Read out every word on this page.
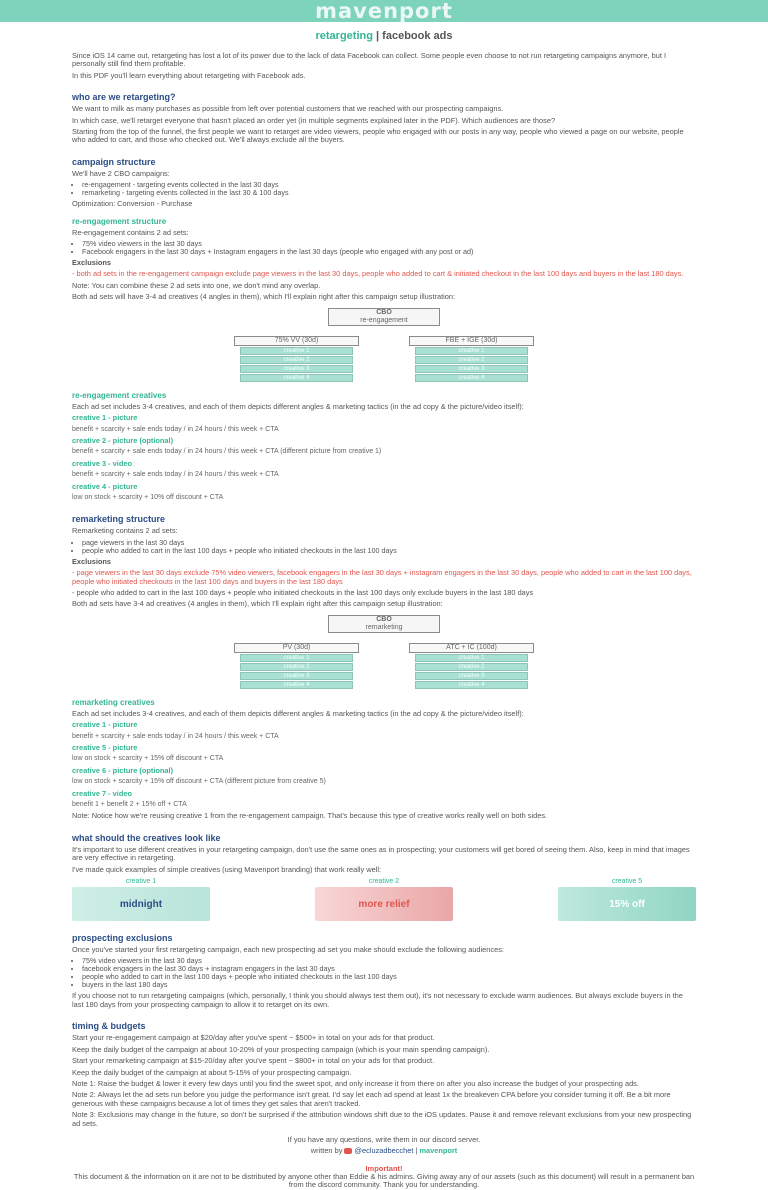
mavenport
retargeting | facebook ads

Since iOS 14 came out, retargeting has lost a lot of its power due to the lack of data Facebook can collect. Some people even choose to not run retargeting campaigns anymore, but I personally still find them profitable.

In this PDF you'll learn everything about retargeting with Facebook ads.

who are we retargeting?

We want to milk as many purchases as possible from left over potential customers that we reached with our prospecting campaigns.

In which case, we'll retarget everyone that hasn't placed an order yet (in multiple segments explained later in the PDF). Which audiences are those?

Starting from the top of the funnel, the first people we want to retarget are video viewers, people who engaged with our posts in any way, people who viewed a page on our website, people who added to cart, and those who checked out. We'll always exclude all the buyers.

campaign structure

We'll have 2 CBO campaigns:

• re-engagement - targeting events collected in the last 30 days
• remarketing - targeting events collected in the last 30 & 100 days

Optimization: Conversion - Purchase

re-engagement structure

Re-engagement contains 2 ad sets:

• 75% video viewers in the last 30 days
• Facebook engagers in the last 30 days + Instagram engagers in the last 30 days (people who engaged with any post or ad)

Exclusions

- both ad sets in the re-engagement campaign exclude page viewers in the last 30 days, people who added to cart & initiated checkout in the last 100 days and buyers in the last 180 days.

Note: You can combine these 2 ad sets into one, we don't mind any overlap.

Both ad sets will have 3-4 ad creatives (4 angles in them), which I'll explain right after this campaign setup illustration:

CBO
re-engagement
75% VV (30d)
creative 1
creative 2
creative 3
creative 4
FBE + IGE (30d)
creative 1
creative 2
creative 3
creative 4
re-engagement creatives

Each ad set includes 3-4 creatives, and each of them depicts different angles & marketing tactics (in the ad copy & the picture/video itself):

creative 1 - picture

benefit + scarcity + sale ends today / in 24 hours / this week + CTA

creative 2 - picture (optional)

benefit + scarcity + sale ends today / in 24 hours / this week + CTA (different picture from creative 1)

creative 3 - video

benefit + scarcity + sale ends today / in 24 hours / this week + CTA

creative 4 - picture

low on stock + scarcity + 10% off discount + CTA

remarketing structure

Remarketing contains 2 ad sets:

• page viewers in the last 30 days
• people who added to cart in the last 100 days + people who initiated checkouts in the last 100 days

Exclusions

- page viewers in the last 30 days exclude 75% video viewers, facebook engagers in the last 30 days + instagram engagers in the last 30 days, people who added to cart in the last 100 days, people who initiated checkouts in the last 100 days and buyers in the last 180 days

- people who added to cart in the last 100 days + people who initiated checkouts in the last 100 days only exclude buyers in the last 180 days

Both ad sets have 3-4 ad creatives (4 angles in them), which I'll explain right after this campaign setup illustration:

CBO
remarketing
PV (30d)
creative 1
creative 2
creative 3
creative 4
ATC + IC (100d)
creative 1
creative 2
creative 3
creative 4
remarketing creatives

Each ad set includes 3-4 creatives, and each of them depicts different angles & marketing tactics (in the ad copy & the picture/video itself):

creative 1 - picture

benefit + scarcity + sale ends today / in 24 hours / this week + CTA

creative 5 - picture

low on stock + scarcity + 15% off discount + CTA

creative 6 - picture (optional)

low on stock + scarcity + 15% off discount + CTA (different picture from creative 5)

creative 7 - video

benefit 1 + benefit 2 + 15% off + CTA

Note: Notice how we're reusing creative 1 from the re-engagement campaign. That's because this type of creative works really well on both sides.

what should the creatives look like

It's important to use different creatives in your retargeting campaign, don't use the same ones as in prospecting; your customers will get bored of seeing them. Also, keep in mind that images are very effective in retargeting.

I've made quick examples of simple creatives (using Mavenport branding) that work really well:

creative 1
midnight
creative 2
more relief
creative 5
15% off
prospecting exclusions

Once you've started your first retargeting campaign, each new prospecting ad set you make should exclude the following audiences:

• 75% video viewers in the last 30 days
• facebook engagers in the last 30 days + instagram engagers in the last 30 days
• people who added to cart in the last 100 days + people who initiated checkouts in the last 100 days
• buyers in the last 180 days

If you choose not to run retargeting campaigns (which, personally, I think you should always test them out), it's not necessary to exclude warm audiences. But always exclude buyers in the last 180 days from your prospecting campaign to allow it to retarget on its own.

timing & budgets

Start your re-engagement campaign at $20/day after you've spent ~ $500+ in total on your ads for that product.

Keep the daily budget of the campaign at about 10-20% of your prospecting campaign (which is your main spending campaign).

Start your remarketing campaign at $15-20/day after you've spent ~ $800+ in total on your ads for that product.

Keep the daily budget of the campaign at about 5-15% of your prospecting campaign.

Note 1: Raise the budget & lower it every few days until you find the sweet spot, and only increase it from there on after you also increase the budget of your prospecting ads.

Note 2: Always let the ad sets run before you judge the performance isn't great. I'd say let each ad spend at least 1x the breakeven CPA before you consider turning it off. Be a bit more generous with these campaigns because a lot of times they get sales that aren't tracked.

Note 3: Exclusions may change in the future, so don't be surprised if the attribution windows shift due to the iOS updates. Pause it and remove relevant exclusions from your new prospecting ad sets.

If you have any questions, write them in our discord server.

written by @ecluzadbecchet | mavenport

Important!

This document & the information on it are not to be distributed by anyone other than Eddie & his admins. Giving away any of our assets (such as this document) will result in a permanent ban from the discord community. Thank you for understanding.
